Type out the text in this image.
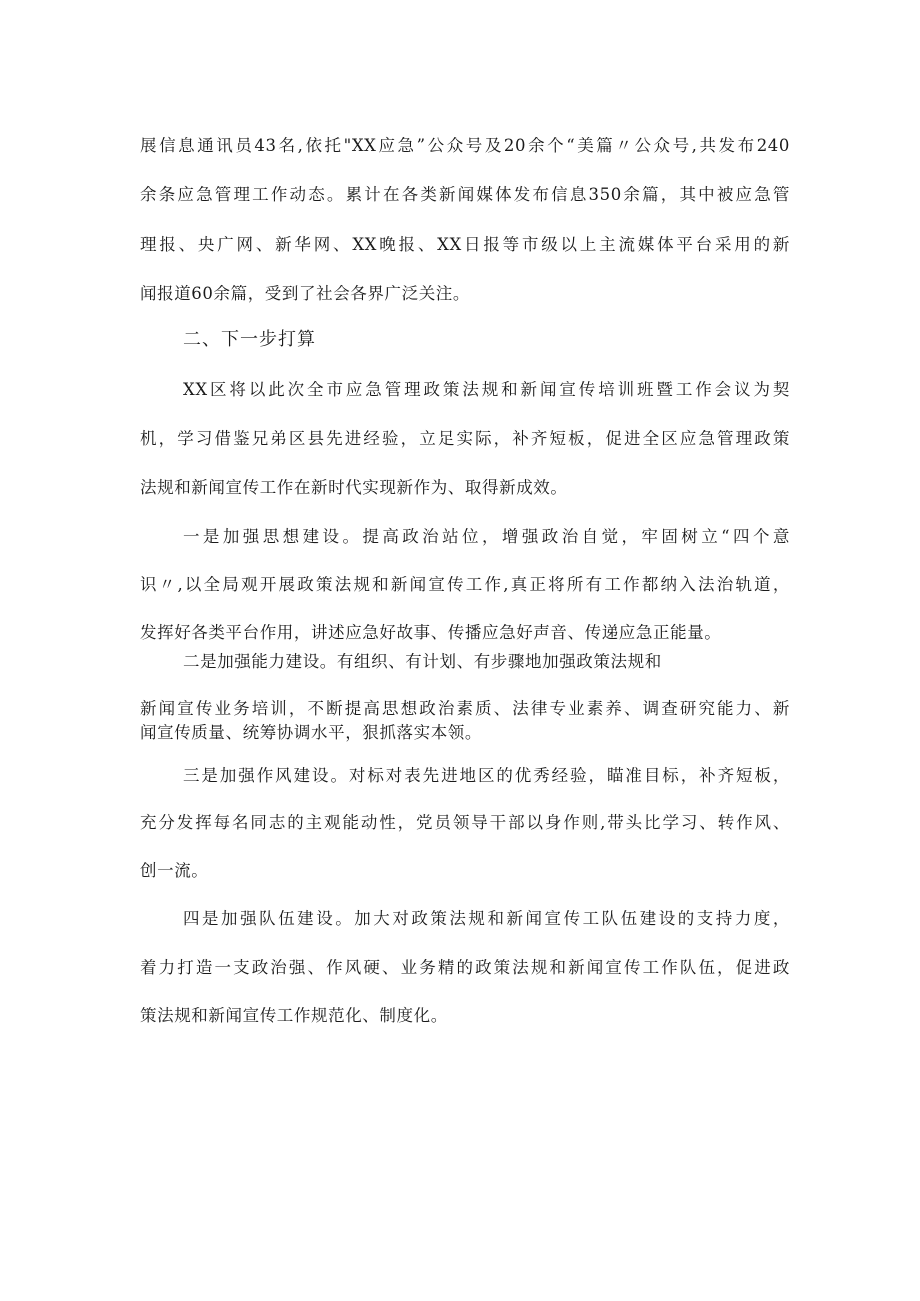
展信息通讯员43名,依托"XX应急”公众号及20余个“美篇〃公众号,共发布240
余条应急管理工作动态。累计在各类新闻媒体发布信息350余篇，其中被应急管
理报、央广网、新华网、XX晚报、XX日报等市级以上主流媒体平台采用的新
闻报道60余篇，受到了社会各界广泛关注。
二、下一步打算
XX区将以此次全市应急管理政策法规和新闻宣传培训班暨工作会议为契
机，学习借鉴兄弟区县先进经验，立足实际，补齐短板，促进全区应急管理政策
法规和新闻宣传工作在新时代实现新作为、取得新成效。
一是加强思想建设。提高政治站位，增强政治自觉，牢固树立“四个意
识〃,以全局观开展政策法规和新闻宣传工作,真正将所有工作都纳入法治轨道，
发挥好各类平台作用，讲述应急好故事、传播应急好声音、传递应急正能量。
二是加强能力建设。有组织、有计划、有步骤地加强政策法规和
新闻宣传业务培训，不断提高思想政治素质、法律专业素养、调查研究能力、新
闻宣传质量、统筹协调水平，狠抓落实本领。
三是加强作风建设。对标对表先进地区的优秀经验，瞄准目标，补齐短板，
充分发挥每名同志的主观能动性，党员领导干部以身作则,带头比学习、转作风、
创一流。
四是加强队伍建设。加大对政策法规和新闻宣传工队伍建设的支持力度，
着力打造一支政治强、作风硬、业务精的政策法规和新闻宣传工作队伍，促进政
策法规和新闻宣传工作规范化、制度化。
